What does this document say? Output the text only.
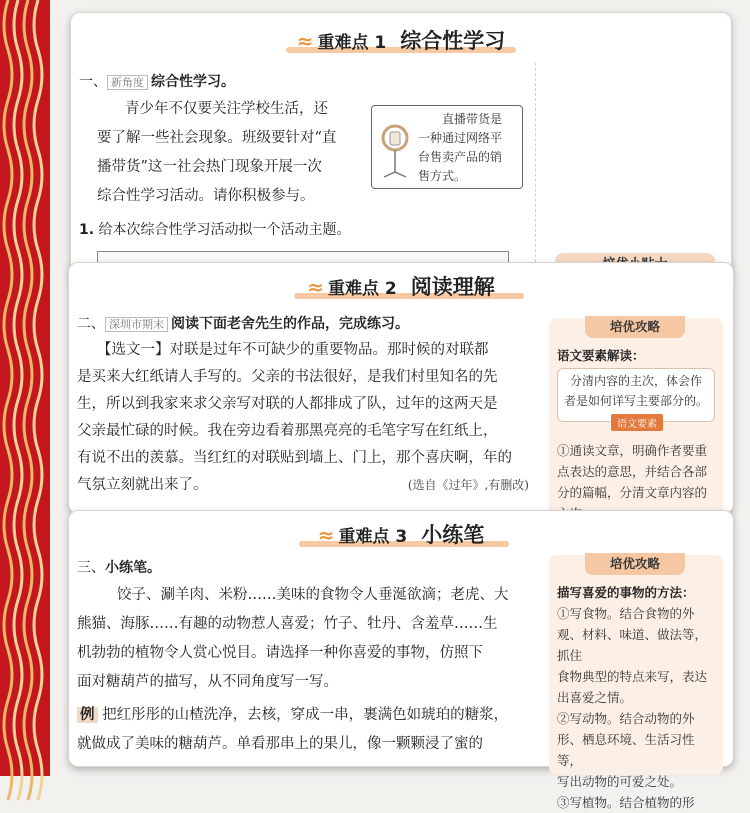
≈ 重难点 1 综合性学习
一、 新角度 综合性学习。
青少年不仅要关注学校生活，还
要了解一些社会现象。班级要针对“直
播带货”这一社会热门现象开展一次
综合性学习活动。请你积极参与。
直播带货是
一种通过网络平
台售卖产品的销
售方式。
1. 给本次综合性学习活动拟一个活动主题。
≈ 重难点 2 阅读理解
二、 深圳市期末 阅读下面老舍先生的作品，完成练习。
【选文一】对联是过年不可缺少的重要物品。那时候的对联都
是买来大红纸请人手写的。父亲的书法很好，是我们村里知名的先
生，所以到我家来求父亲写对联的人都排成了队，过年的这两天是
父亲最忙碌的时候。我在旁边看着那黑亮亮的毛笔字写在红纸上，
有说不出的羡慕。当红红的对联贴到墙上、门上，那个喜庆啊，年的
气氛立刻就出来了。	(选自《过年》,有删改)
培优攻略
语文要素解读：
分清内容的主次，体会作
者是如何详写主要部分的。
语文要素
①通读文章，明确作者要重
点表达的意思，并结合各部
分的篇幅，分清文章内容的
≈ 重难点 3 小练笔
三、小练笔。
饺子、涮羊肉、米粉……美味的食物令人垂涎欲滴；老虎、大
熊猫、海豚……有趣的动物惹人喜爱；竹子、牡丹、含羞草……生
机勃勃的植物令人赏心悦目。请选择一种你喜爱的事物，仿照下
面对糖葫芦的描写，从不同角度写一写。
例 把红彤彤的山楂洗净，去核，穿成一串，裹满色如琥珀的糖浆，
就做成了美味的糖葫芦。单看那串上的果儿，像一颗颗浸了蜜的
培优攻略
描写喜爱的事物的方法：
①写食物。结合食物的外
观、材料、味道、做法等，抓住
食物典型的特点来写，表达
出喜爱之情。
②写动物。结合动物的外
形、栖息环境、生活习性等，
写出动物的可爱之处。
③写植物。结合植物的形
